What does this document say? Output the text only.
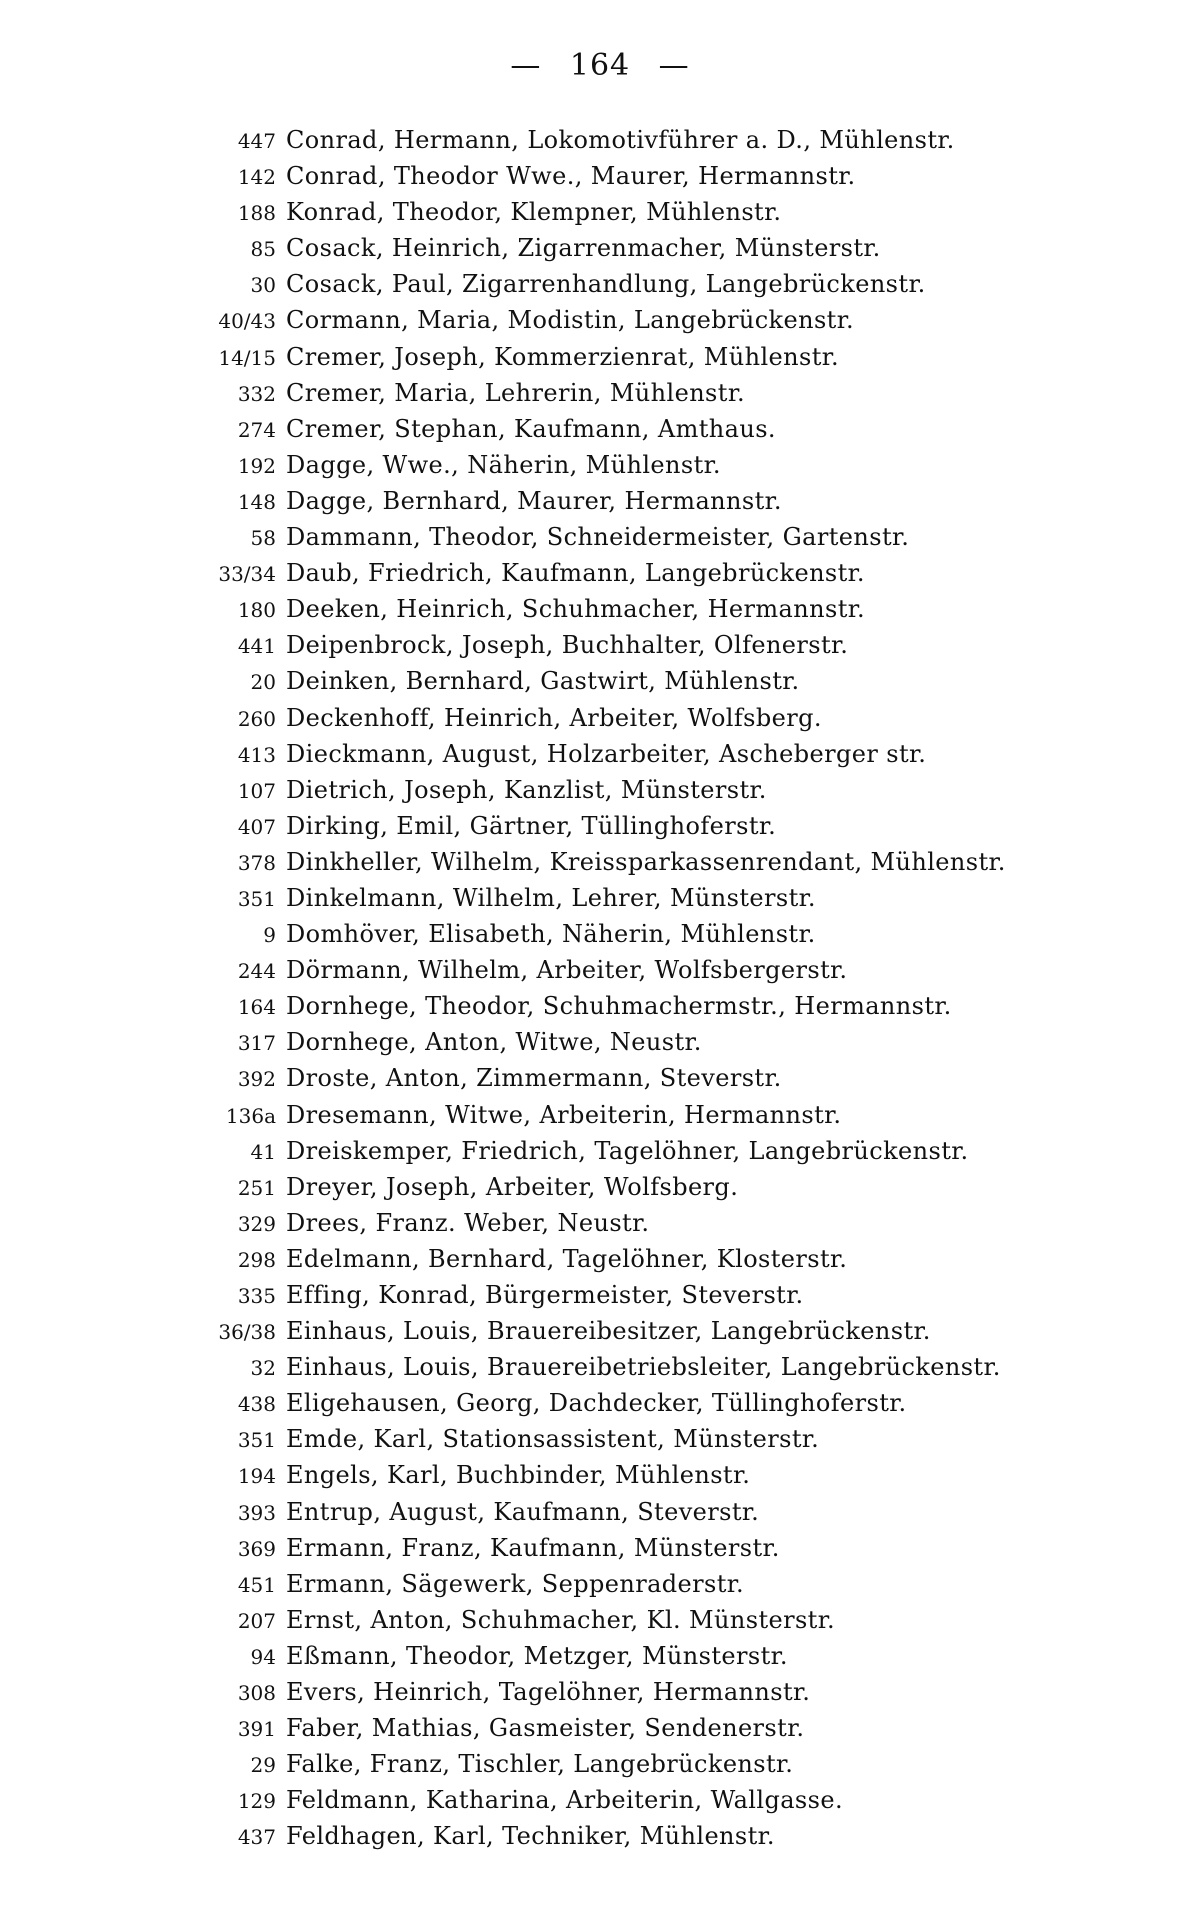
— 164 —
447 Conrad, Hermann, Lokomotivführer a. D., Mühlenstr.
142 Conrad, Theodor Wwe., Maurer, Hermannstr.
188 Konrad, Theodor, Klempner, Mühlenstr.
85 Cosack, Heinrich, Zigarrenmacher, Münsterstr.
30 Cosack, Paul, Zigarrenhandlung, Langebrückenstr.
40/43 Cormann, Maria, Modistin, Langebrückenstr.
14/15 Cremer, Joseph, Kommerzienrat, Mühlenstr.
332 Cremer, Maria, Lehrerin, Mühlenstr.
274 Cremer, Stephan, Kaufmann, Amthaus.
192 Dagge, Wwe., Näherin, Mühlenstr.
148 Dagge, Bernhard, Maurer, Hermannstr.
58 Dammann, Theodor, Schneidermeister, Gartenstr.
33/34 Daub, Friedrich, Kaufmann, Langebrückenstr.
180 Deeken, Heinrich, Schuhmacher, Hermannstr.
441 Deipenbrock, Joseph, Buchhalter, Olfenerstr.
20 Deinken, Bernhard, Gastwirt, Mühlenstr.
260 Deckenhoff, Heinrich, Arbeiter, Wolfsberg.
413 Dieckmann, August, Holzarbeiter, Ascheberger str.
107 Dietrich, Joseph, Kanzlist, Münsterstr.
407 Dirking, Emil, Gärtner, Tüllinghoferstr.
378 Dinkheller, Wilhelm, Kreissparkassenrendant, Mühlenstr.
351 Dinkelmann, Wilhelm, Lehrer, Münsterstr.
9 Domhöver, Elisabeth, Näherin, Mühlenstr.
244 Dörmann, Wilhelm, Arbeiter, Wolfsbergerstr.
164 Dornhege, Theodor, Schuhmachermstr., Hermannstr.
317 Dornhege, Anton, Witwe, Neustr.
392 Droste, Anton, Zimmermann, Steverstr.
136a Dresemann, Witwe, Arbeiterin, Hermannstr.
41 Dreiskemper, Friedrich, Tagelöhner, Langebrückenstr.
251 Dreyer, Joseph, Arbeiter, Wolfsberg.
329 Drees, Franz. Weber, Neustr.
298 Edelmann, Bernhard, Tagelöhner, Klosterstr.
335 Effing, Konrad, Bürgermeister, Steverstr.
36/38 Einhaus, Louis, Brauereibesitzer, Langebrückenstr.
32 Einhaus, Louis, Brauereibetriebsleiter, Langebrückenstr.
438 Eligehausen, Georg, Dachdecker, Tüllinghoferstr.
351 Emde, Karl, Stationsassistent, Münsterstr.
194 Engels, Karl, Buchbinder, Mühlenstr.
393 Entrup, August, Kaufmann, Steverstr.
369 Ermann, Franz, Kaufmann, Münsterstr.
451 Ermann, Sägewerk, Seppenraderstr.
207 Ernst, Anton, Schuhmacher, Kl. Münsterstr.
94 Eßmann, Theodor, Metzger, Münsterstr.
308 Evers, Heinrich, Tagelöhner, Hermannstr.
391 Faber, Mathias, Gasmeister, Sendenerstr.
29 Falke, Franz, Tischler, Langebrückenstr.
129 Feldmann, Katharina, Arbeiterin, Wallgasse.
437 Feldhagen, Karl, Techniker, Mühlenstr.
